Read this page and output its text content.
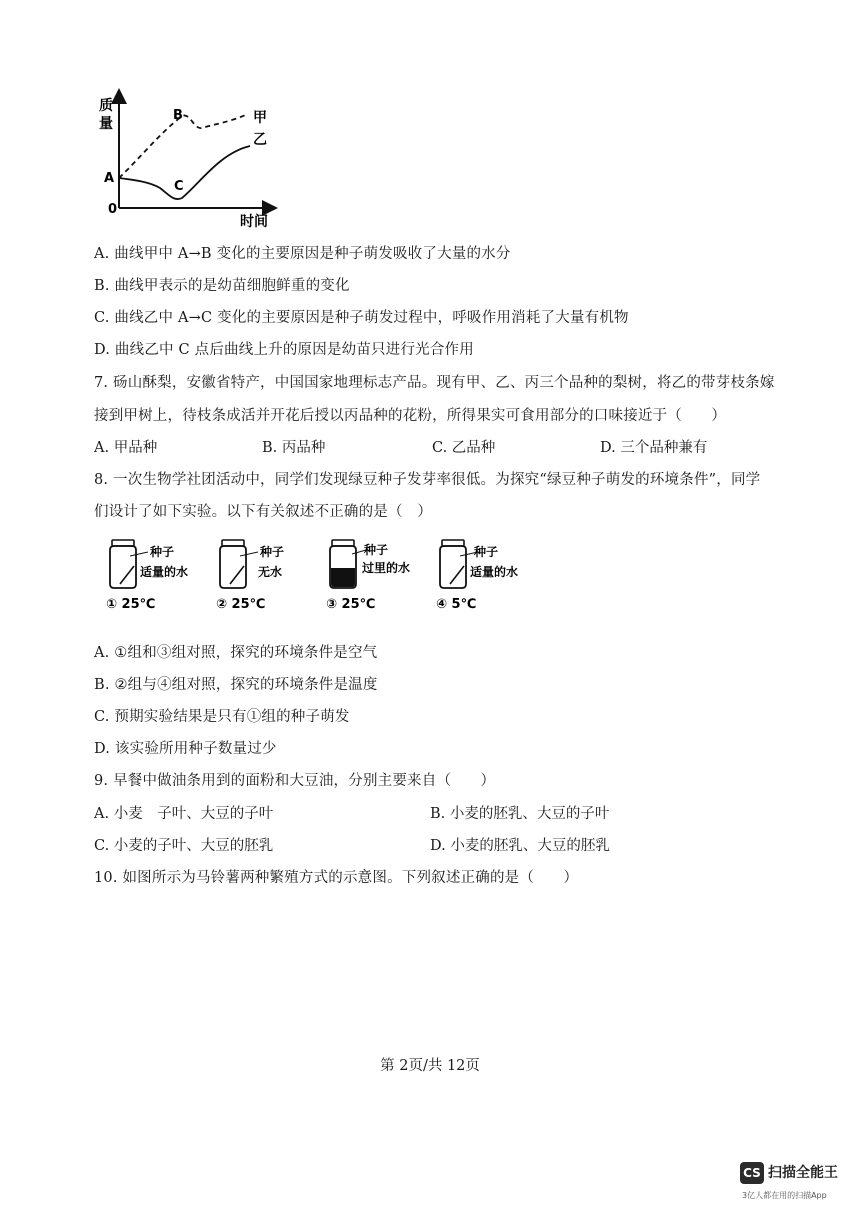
质
量
A
0
B
C
甲
乙
时间
A. 曲线甲中 A→B 变化的主要原因是种子萌发吸收了大量的水分
B. 曲线甲表示的是幼苗细胞鲜重的变化
C. 曲线乙中 A→C 变化的主要原因是种子萌发过程中，呼吸作用消耗了大量有机物
D. 曲线乙中 C 点后曲线上升的原因是幼苗只进行光合作用
7. 砀山酥梨，安徽省特产，中国国家地理标志产品。现有甲、乙、丙三个品种的梨树，将乙的带芽枝条嫁
接到甲树上，待枝条成活并开花后授以丙品种的花粉，所得果实可食用部分的口味接近于（　　）
A. 甲品种	B. 丙品种	C. 乙品种	D. 三个品种兼有
8. 一次生物学社团活动中，同学们发现绿豆种子发芽率很低。为探究“绿豆种子萌发的环境条件”，同学
们设计了如下实验。以下有关叙述不正确的是（　）
种子
适量的水
① 25℃
种子
无水
② 25℃
种子
过里的水
③ 25℃
种子
适量的水
④ 5℃
A. ①组和③组对照，探究的环境条件是空气
B. ②组与④组对照，探究的环境条件是温度
C. 预期实验结果是只有①组的种子萌发
D. 该实验所用种子数量过少
9. 早餐中做油条用到的面粉和大豆油，分别主要来自（　　）
A. 小麦　子叶、大豆的子叶	B. 小麦的胚乳、大豆的子叶
C. 小麦的子叶、大豆的胚乳	D. 小麦的胚乳、大豆的胚乳
10. 如图所示为马铃薯两种繁殖方式的示意图。下列叙述正确的是（　　）
第 2页/共 12页
CS 扫描全能王
3亿人都在用的扫描App
